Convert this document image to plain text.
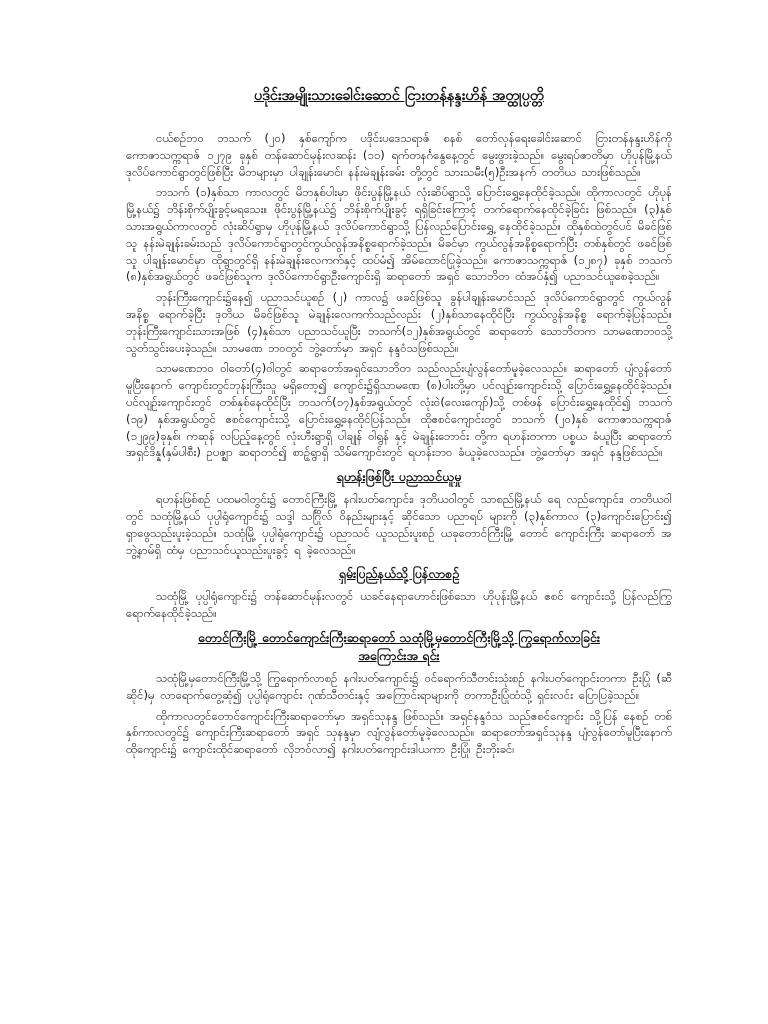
ပဒိုင်းအမျိုးသားခေါင်းဆောင် ငြားတန်နန္ဒးဟိန် အတ္ထုပ္ပတ္တိ

ငယ်စဉ်ဘဝ ဘသက် (၂၀) နှစ်ကျော်က ပဒိုင်းပဒေသရာဇ် စနစ် တော်လှန်ရေးခေါင်းဆောင် ငြားတန်နန္ဒးဟိန်ကို ကောဇာသက္ကရာဇ် ၁၂၇၉ ခုနှစ် တန်ဆောင်မုန်းလဆန်း (၁၁) ရက်တနင်္ဂနွေနေ့တွင် မွေးဖွားခဲ့သည်။ မွေးရပ်ဇာတိမှာ ဟိုပုန်မြို့နယ် ဒုလိပ်ကောင်ရွာတွင်ဖြစ်ပြီး မိဘများမှာ ပါချုန်းမောင်၊ နန်းမဲချုန်းခမ်း တို့တွင် သားသမီး(၅)ဦးအနက် တတိယ သားဖြစ်သည်။

ဘသက် (၁)နှစ်သာ ကာလတွင် မိဘနှစ်ပါးမှာ ဖိုင်းပွန်မြို့နယ် လုံးဆိပ်ရွာသို့ ပြောင်းရွှေ့နေထိုင်ခဲ့သည်။ ထိုကာလတွင် ဟိုပုန်မြို့နယ်၌ ဘိန်းစိုက်ပျိုးခွင့်မရသေး။ ဖိုင်းပွန်မြို့နယ်၌ ဘိန်းစိုက်ပျိုးခွင့် ရရှိခြင်းကြောင့် တက်ရောက်နေထိုင်ခဲ့ခြင်း ဖြစ်သည်။ (၃)နှစ်သားအရွယ်ကာလတွင် လုံးဆိပ်ရွာမှ ဟိုပုန်မြို့နယ် ဒုလိပ်ကောင်ရွာသို့ ပြန်လည်ပြောင်းရွှေ့ နေထိုင်ခဲ့သည်။ ထိုနှစ်ထဲတွင်ပင် မိခင်ဖြစ်သူ နန်းမဲချုန်းခမ်းသည် ဒုလိပ်ကောင်ရွာတွင်ကွယ်လွန်အနိစ္စရောက်ခဲ့သည်။ မိခင်မှာ ကွယ်လွန်အနိစ္စရောက်ပြီး တစ်နှစ်တွင် ဖခင်ဖြစ်သူ ပါချုန်းမောင်မှာ ထိုရွာတွင်ရှိ နန်းမဲချုန်းလေကက်နှင့် ထပ်မံ၍ အိမ်ထောင်ပြုခဲ့သည်။ ကောဇာသက္ကရာဇ် (၁၂၈၇) ခုနှစ် ဘသက် (၈)နှစ်အရွယ်တွင် ဖခင်ဖြစ်သူက ဒုလိပ်ကောင်ရွာဦးကျောင်းရှိ ဆရာတော် အရှင် သောဘိတ ထံအပ်နှံ၍ ပညာသင်ယူစေခဲ့သည်။

ဘုန်းကြီးကျောင်း၌နေ၍ ပညာသင်ယူစဉ် (၂) ကာလ၌ ဖခင်ဖြစ်သူ ခွန်ပါချုန်းမောင်သည် ဒုလိပ်ကောင်ရွာတွင် ကွယ်လွန် အနိစ္စ ရောက်ခဲ့ပြီး ဒုတိယ မိခင်ဖြစ်သူ မဲချုန်းလေကက်သည်လည်း (၂)နှစ်သာနေထိုင်ပြီး ကွယ်လွန်အနိစ္စ ရောက်ခဲ့ပြန်သည်။ ဘုန်းကြီးကျောင်းသားအဖြစ် (၄)နှစ်သာ ပညာသင်ယူပြီး ဘသက်(၁၂)နှစ်အရွယ်တွင် ဆရာတော် သောဘိတက သာမဏေဘဝသို့ သွတ်သွင်းပေးခဲ့သည်။ သာမဏေ ဘဝတွင် ဘွဲ့တော်မှာ အရှင် နန္ဒဝံသဖြစ်သည်။

သာမဏေဘဝ ဝါတော်(၄)ဝါတွင် ဆရာတော်အရှင်သောဘိတ သည်လည်းပျံလွန်တော်မူခဲ့လေသည်။ ဆရာတော် ပျံလွန်တော်မူပြီးနောက် ကျောင်းတွင်ဘုန်းကြီးသူ မရှိတော့၍ ကျောင်း၌ရှိသာမဏေ (၈)ပါးတို့မှာ ပင်လျဉ်းကျောင်းသို့ ပြောင်းရွှေ့နေထိုင်ခဲ့သည်။ ပင်လျဉ်းကျောင်းတွင် တစ်နှစ်နေထိုင်ပြီး ဘသက်(၁၇)နှစ်အရွယ်တွင် လုံးဝဲ(လေးကျော်)သို့ တစ်ဖန် ပြောင်းရွှေ့နေထိုင်၍ ဘသက် (၁၉) နှစ်အရွယ်တွင် ဧစင်ကျောင်းသို့ ပြောင်းရွှေ့နေထိုင်ပြန်သည်။ ထိုဧစင်ကျောင်းတွင် ဘသက် (၂၀)နှစ် ကောဇာသက္ကရာဇ် (၁၂၉၉)ခုနှစ်၊ ကဆုန် လပြည့်နေ့တွင် လုံးဟီးရွာရှိ ပါချုန် ဝါရွန် နှင့် မဲချုန်းဘောင်း တို့က ရဟန်းတကာ ပစ္စယ ခံယူပြီး ဆရာတော် အရှင်ဒိန္န(နှမ်ပါစီး) ဥပဇ္ဈာ ဆရာတင်၍ စာဥ့်ရွာရှိ သိမ်ကျောင်းတွင် ရဟန်းဘဝ ခံယူခဲ့လေသည်။ ဘွဲ့တော်မှာ အရှင် နန္ဒဖြစ်သည်။

ရဟန်းဖြစ်ပြီး ပညာသင်ယူမှု

ရဟန်းဖြစ်စဉ် ပထမဝါတွင်း၌ တောင်ကြီးမြို့ နဂါးပတ်ကျောင်း၊ ဒုတိယဝါတွင် သာစည်မြို့နယ် ရေ လည်ကျောင်း၊ တတိယဝါတွင် သထုံမြို့နယ် ပုပ္ပါရုံကျောင်း၌ သဒ္ဒါ သင်္ဂြိုလ် ဝိနည်းများနှင့် ဆိုင်သော ပညာရပ် များကို (၃)နှစ်ကာလ (၃)ကျောင်းပြောင်း၍ ရှာဖွေသည်းပူးခဲ့သည်။ သထုံမြို့ ပုပ္ပါရုံကျောင်း၌ ပညာသင် ယူသည်းပူးစဉ် ယခုတောင်ကြီးမြို့ တောင် ကျောင်းကြီး ဆရာတော် အဘွဲ့နာမ်ရှိ ထံမှ ပညာသင်ယူသည်းပူးခွင့် ရ ခဲ့လေသည်။

ရှမ်းပြည်နယ်သို့ ပြန်လာစဉ်

သထုံမြို့ ပုပ္ပါရုံကျောင်း၌ တန်ဆောင်မုန်းလတွင် ယခင်နေရာဟောင်းဖြစ်သော ဟိုပုန်းမြို့နယ် ဧစင် ကျောင်းသို့ ပြန်လည်ကြွရောက်နေထိုင်ခဲ့သည်။

တောင်ကြီးမြို့ တောင်ကျောင်းကြီးဆရာတော် သထုံမြို့မှတောင်ကြီးမြို့သို့ ကြွရောက်လာခြင်း
အကြောင်းအ ရင်း

သထုံမြို့မှတောင်ကြီးမြို့သို့ ကြွရောက်လာစဉ် နဂါးပတ်ကျောင်း၌ ဝင်ရောက်သီတင်းသုံးစဉ် နဂါးပတ်ကျောင်းတကာ ဦးပြုံ (ဆီဆိုင်)မှ လာရောက်တွေ့ဆုံ၍ ပုပ္ပါရုံကျောင်း ဂုဏ်သီတင်းနှင့် အကြောင်းရာများကို တကာဦးပြုံထံသို့ ရှင်းလင်း ပြောပြခဲ့သည်။

ထိုကာလတွင်တောင်ကျောင်းကြီးဆရာတော်မှာ အရှင်သုနန္ဒ ဖြစ်သည်။ အရှင်နန္ဒဝံသ သည်ဧစင်ကျောင်း သို့ပြန် နေစဉ် တစ်နှစ်ကာလတွင်၌ ကျောင်းကြီးဆရာတော် အရှင် သုနန္ဒမှာ လျံလွန်တော်မူခဲ့လေသည်။ ဆရာတော်အရှင်သုနန္ဒ ပျံလွန်တော်မူပြီးနောက် ထိုကျောင်း၌ ကျောင်းထိုင်ဆရာတော် လိုဘဝ်လာ၍ နဂါးပတ်ကျောင်းဒါယကာ ဦးပြုံ၊ ဦးဘိုးခင်၊
